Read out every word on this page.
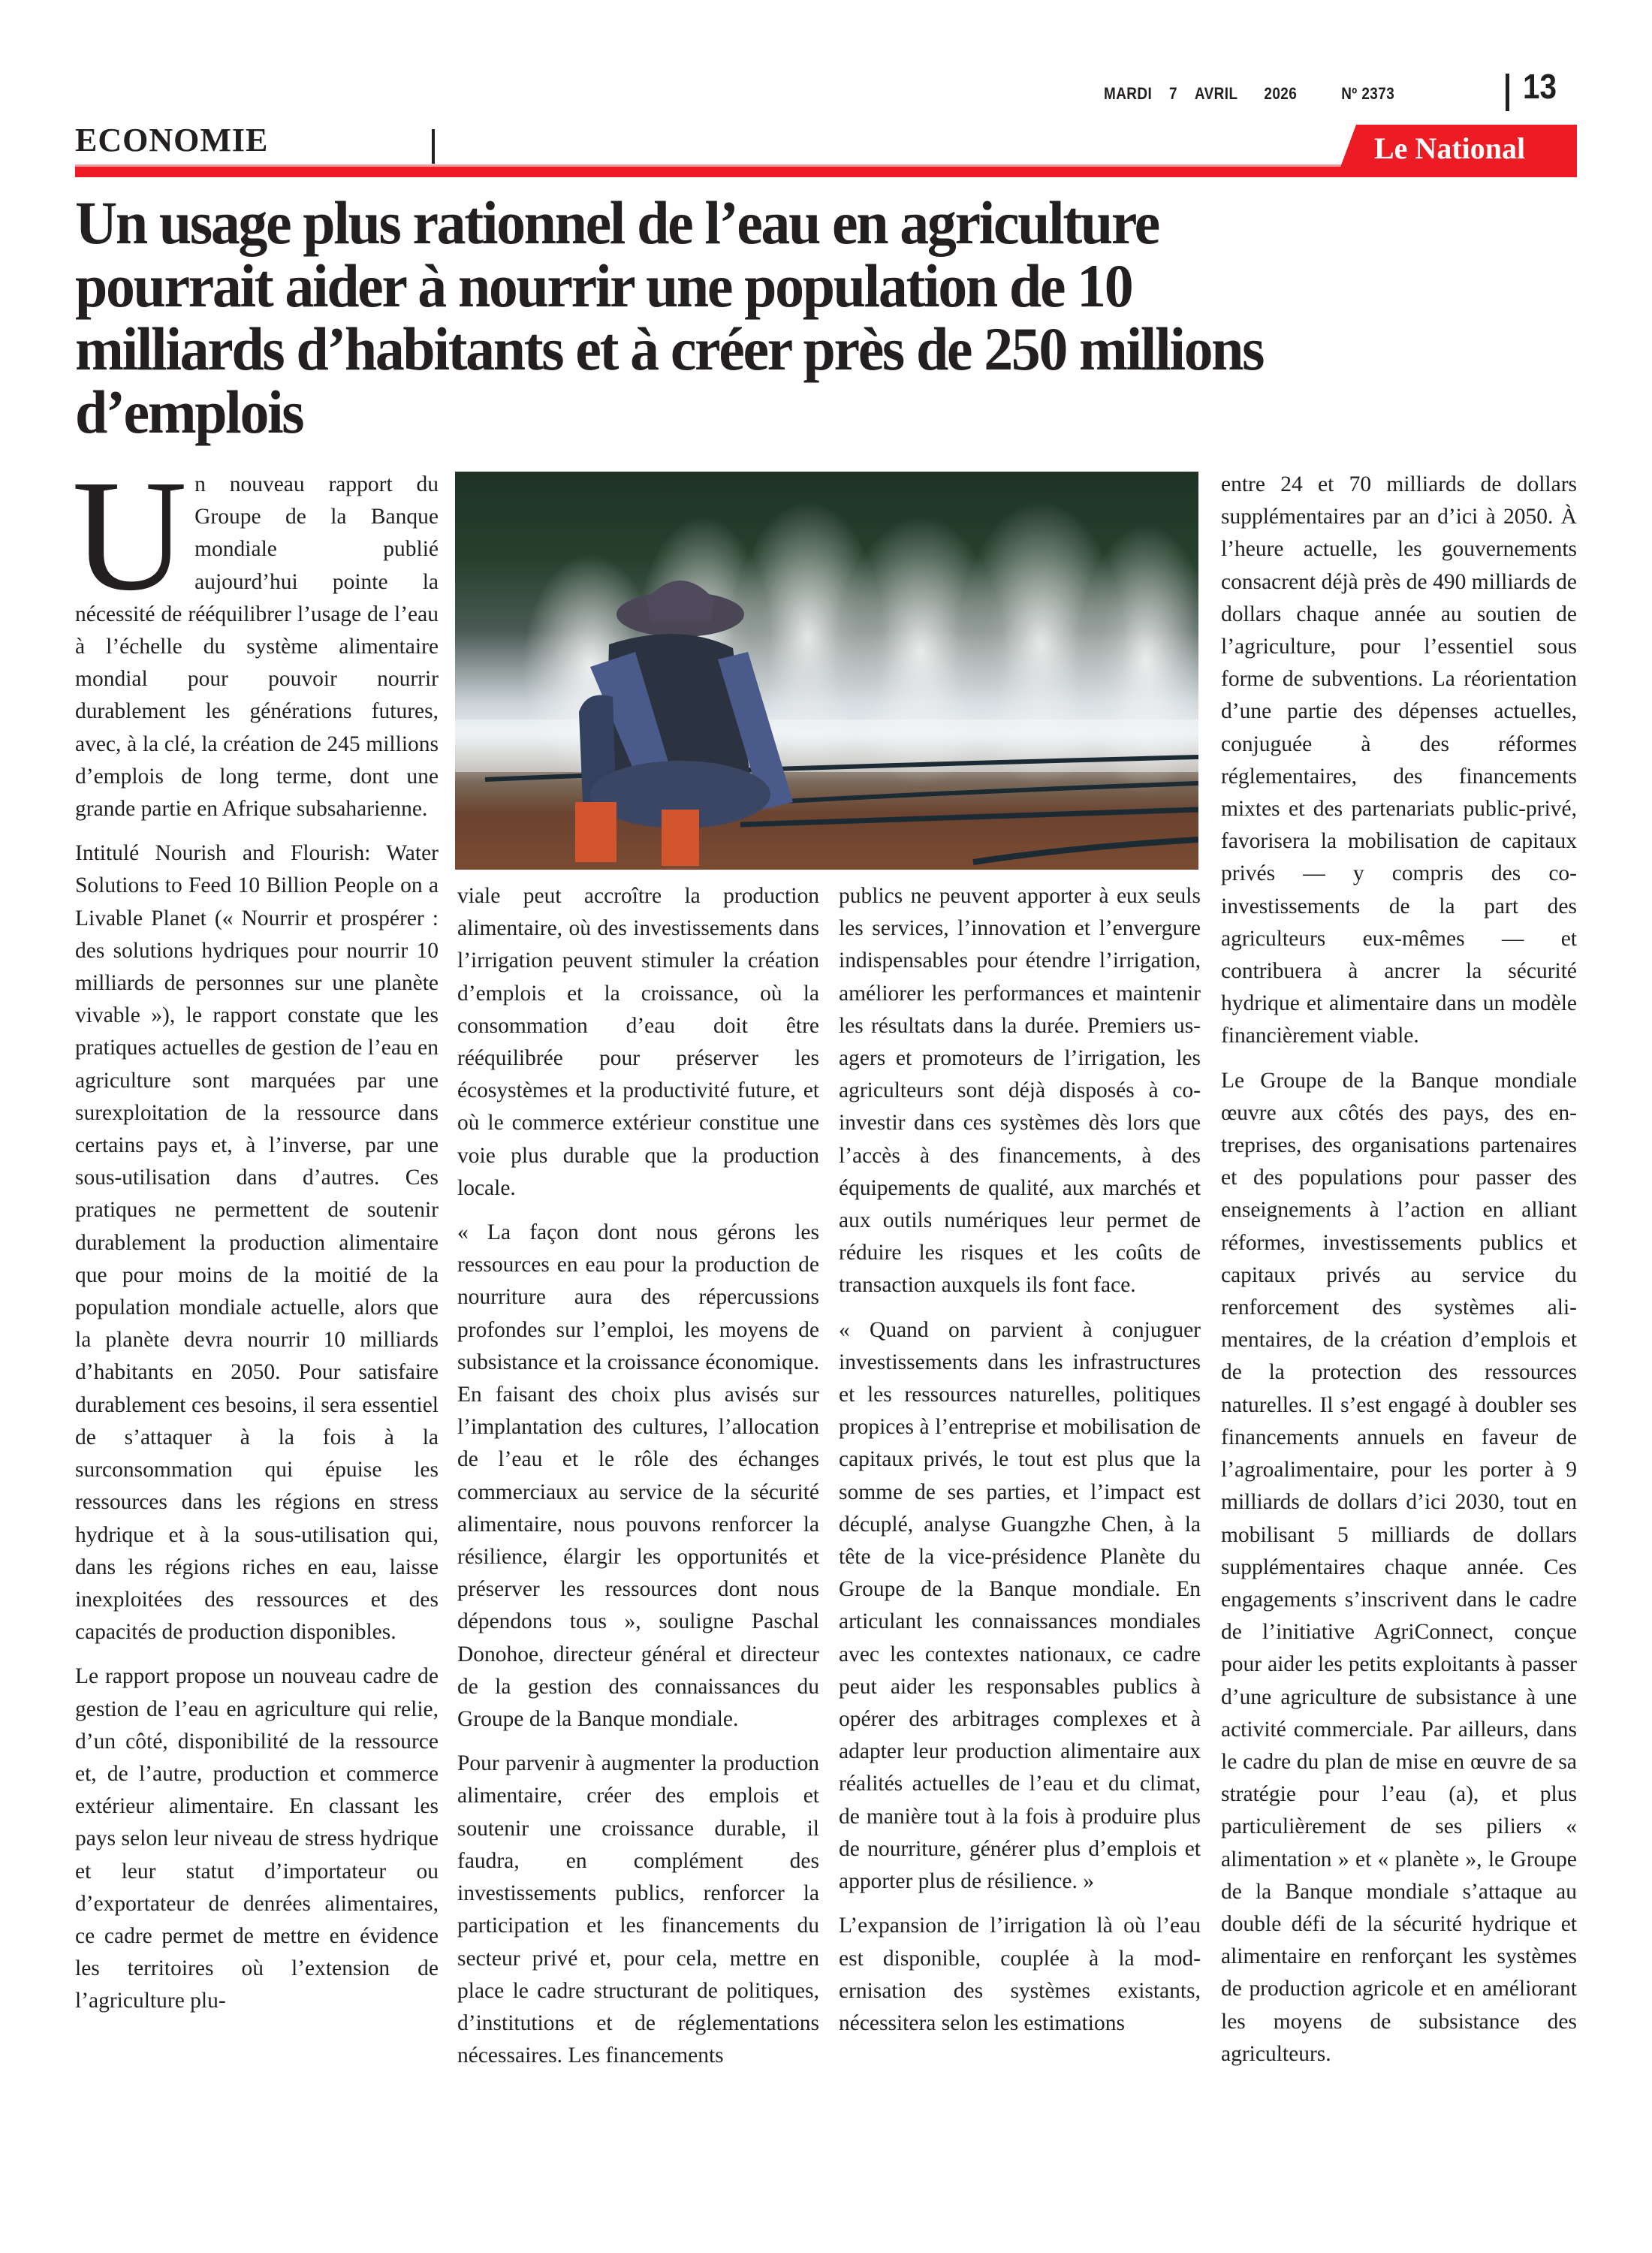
MARDI 7 AVRIL 2026	Nº 2373	13
ECONOMIE	Le National
Un usage plus rationnel de l’eau en agriculture
pourrait aider à nourrir une population de 10
milliards d’habitants et à créer près de 250 millions
d’emplois

Un nouveau rapport du Groupe de la Banque mondiale publié aujourd’hui pointe la nécessité de rééquilibrer l’usage de l’eau à l’échelle du système alimentaire mondial pour pouvoir nourrir durablement les générations futures, avec, à la clé, la création de 245 millions d’emplois de long terme, dont une grande partie en Afrique subsaharienne.

Intitulé Nourish and Flourish: Water Solutions to Feed 10 Billion People on a Livable Planet (« Nourrir et prospérer : des solutions hydriques pour nourrir 10 milliards de personnes sur une planète vivable »), le rapport constate que les pratiques actuelles de gestion de l’eau en agriculture sont marquées par une surexploitation de la ressource dans certains pays et, à l’inverse, par une sous-utilisation dans d’autres. Ces pratiques ne permettent de soutenir durablement la production alimentaire que pour moins de la moitié de la population mondiale actuelle, alors que la planète devra nourrir 10 milliards d’habitants en 2050. Pour satisfaire durablement ces besoins, il sera essentiel de s’attaquer à la fois à la surconsommation qui épuise les ressources dans les régions en stress hydrique et à la sous-utilisation qui, dans les régions riches en eau, laisse inexploitées des ressources et des capacités de production disponibles.

Le rapport propose un nouveau cadre de gestion de l’eau en agriculture qui relie, d’un côté, disponibilité de la ressource et, de l’autre, production et commerce extérieur alimentaire. En classant les pays selon leur niveau de stress hydrique et leur statut d’importateur ou d’exportateur de denrées alimentaires, ce cadre permet de mettre en évidence les territoires où l’extension de l’agriculture plu-

viale peut accroître la production alimentaire, où des investissements dans l’irrigation peuvent stimuler la création d’emplois et la croissance, où la consommation d’eau doit être rééquilibrée pour préserver les écosystèmes et la productivité future, et où le commerce extérieur constitue une voie plus durable que la production locale.

« La façon dont nous gérons les ressources en eau pour la production de nourriture aura des répercussions profondes sur l’emploi, les moyens de subsistance et la croissance économique. En faisant des choix plus avisés sur l’implantation des cultures, l’allocation de l’eau et le rôle des échanges commerciaux au service de la sécurité alimentaire, nous pouvons renforcer la résilience, élargir les opportunités et préserver les ressources dont nous dépendons tous », souligne Paschal Donohoe, directeur général et directeur de la gestion des connaissances du Groupe de la Banque mondiale.

Pour parvenir à augmenter la production alimentaire, créer des emplois et soutenir une croissance durable, il faudra, en complément des investissements publics, renforcer la participation et les financements du secteur privé et, pour cela, mettre en place le cadre structurant de politiques, d’institutions et de réglementations nécessaires. Les financements

publics ne peuvent apporter à eux seuls les services, l’innovation et l’envergure indispensables pour étendre l’irrigation, améliorer les performances et maintenir les résultats dans la durée. Premiers usagers et promoteurs de l’irrigation, les agriculteurs sont déjà disposés à co-investir dans ces systèmes dès lors que l’accès à des financements, à des équipements de qualité, aux marchés et aux outils numériques leur permet de réduire les risques et les coûts de transaction auxquels ils font face.

« Quand on parvient à conjuguer investissements dans les infrastructures et les ressources naturelles, politiques propices à l’entreprise et mobilisation de capitaux privés, le tout est plus que la somme de ses parties, et l’impact est décuplé, analyse Guangzhe Chen, à la tête de la vice-présidence Planète du Groupe de la Banque mondiale. En articulant les connaissances mondiales avec les contextes nationaux, ce cadre peut aider les responsables publics à opérer des arbitrages complexes et à adapter leur production alimentaire aux réalités actuelles de l’eau et du climat, de manière tout à la fois à produire plus de nourriture, générer plus d’emplois et apporter plus de résilience. »

L’expansion de l’irrigation là où l’eau est disponible, couplée à la modernisation des systèmes existants, nécessitera selon les estimations

entre 24 et 70 milliards de dollars supplémentaires par an d’ici à 2050. À l’heure actuelle, les gouvernements consacrent déjà près de 490 milliards de dollars chaque année au soutien de l’agriculture, pour l’essentiel sous forme de subventions. La réorientation d’une partie des dépenses actuelles, conjuguée à des réformes réglementaires, des financements mixtes et des partenariats public-privé, favorisera la mobilisation de capitaux privés — y compris des co-investissements de la part des agriculteurs eux-mêmes — et contribuera à ancrer la sécurité hydrique et alimentaire dans un modèle financièrement viable.

Le Groupe de la Banque mondiale œuvre aux côtés des pays, des entreprises, des organisations partenaires et des populations pour passer des enseignements à l’action en alliant réformes, investissements publics et capitaux privés au service du renforcement des systèmes alimentaires, de la création d’emplois et de la protection des ressources naturelles. Il s’est engagé à doubler ses financements annuels en faveur de l’agroalimentaire, pour les porter à 9 milliards de dollars d’ici 2030, tout en mobilisant 5 milliards de dollars supplémentaires chaque année. Ces engagements s’inscrivent dans le cadre de l’initiative AgriConnect, conçue pour aider les petits exploitants à passer d’une agriculture de subsistance à une activité commerciale. Par ailleurs, dans le cadre du plan de mise en œuvre de sa stratégie pour l’eau (a), et plus particulièrement de ses piliers « alimentation » et « planète », le Groupe de la Banque mondiale s’attaque au double défi de la sécurité hydrique et alimentaire en renforçant les systèmes de production agricole et en améliorant les moyens de subsistance des agriculteurs.
